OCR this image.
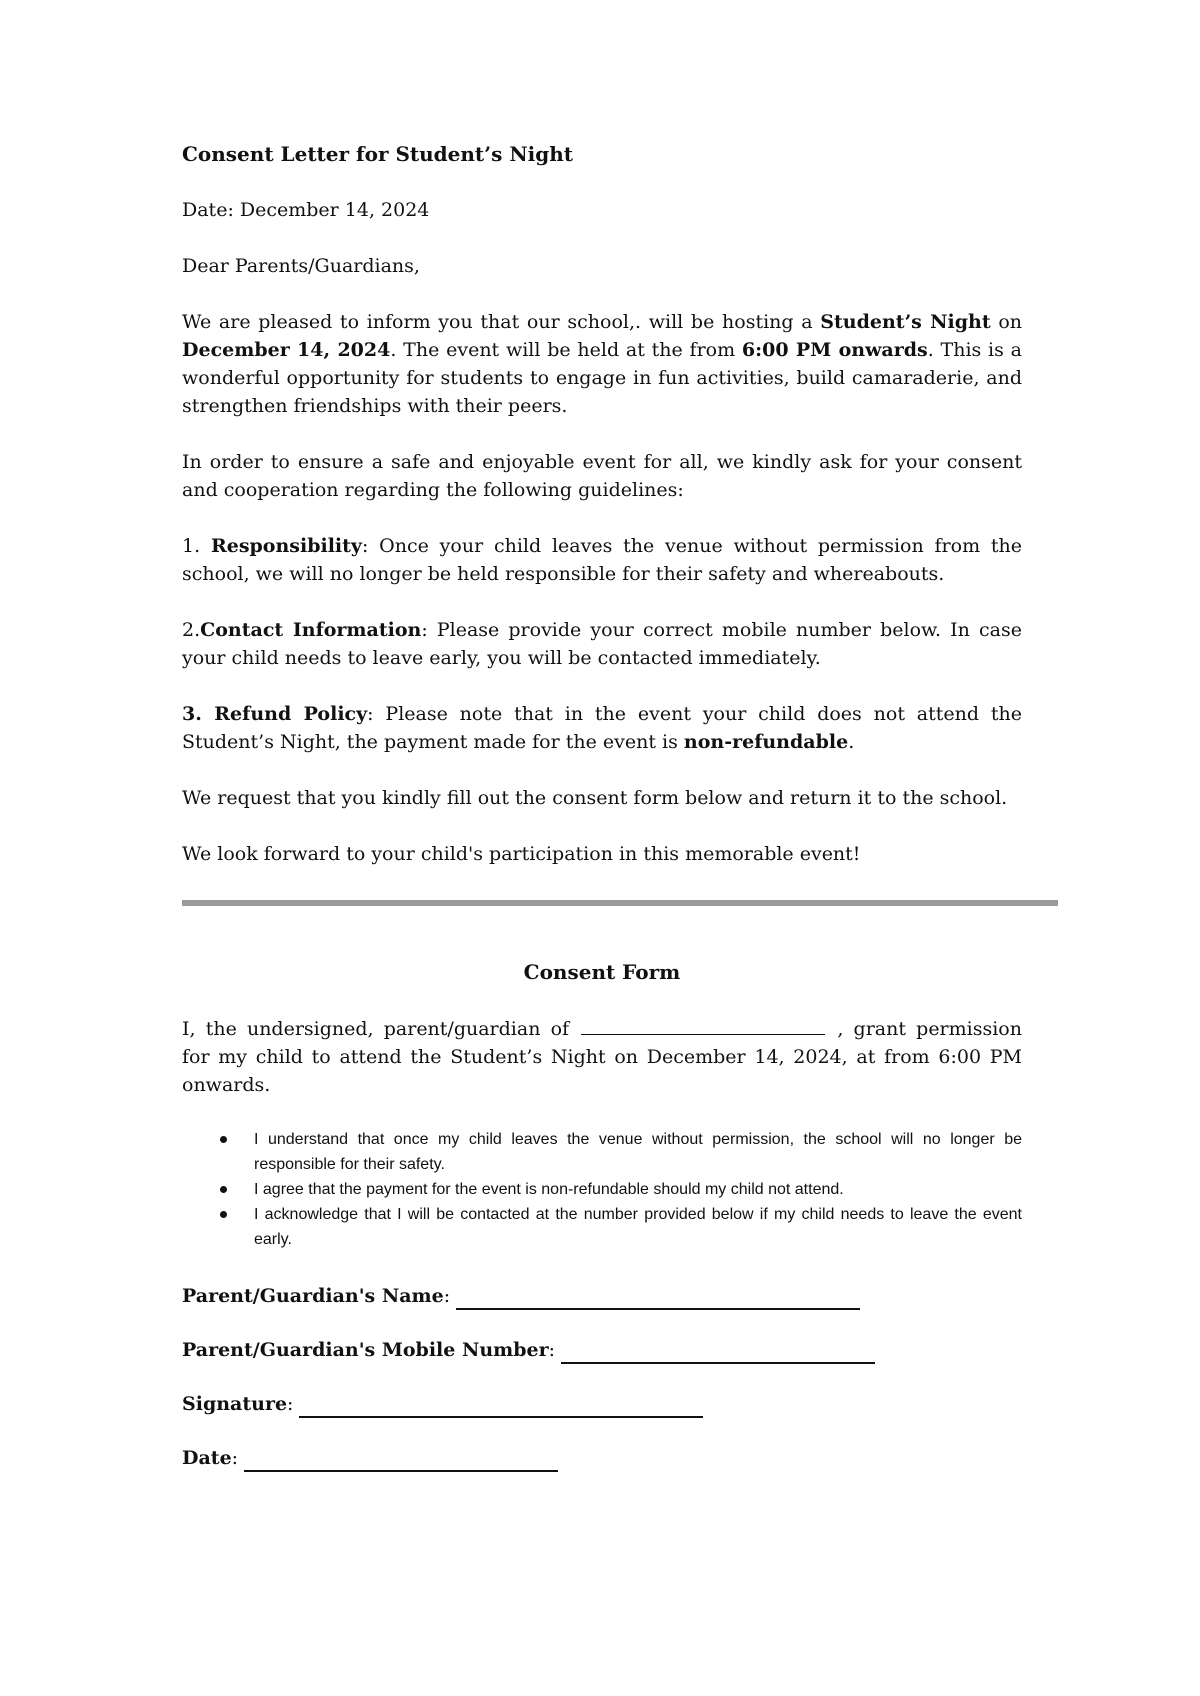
Consent Letter for Student’s Night

Date: December 14, 2024

Dear Parents/Guardians,

We are pleased to inform you that our school,. will be hosting a Student’s Night on December 14, 2024. The event will be held at the from 6:00 PM onwards. This is a wonderful opportunity for students to engage in fun activities, build camaraderie, and strengthen friendships with their peers.

In order to ensure a safe and enjoyable event for all, we kindly ask for your consent and cooperation regarding the following guidelines:

1. Responsibility: Once your child leaves the venue without permission from the school, we will no longer be held responsible for their safety and whereabouts.

2.Contact Information: Please provide your correct mobile number below. In case your child needs to leave early, you will be contacted immediately.

3. Refund Policy: Please note that in the event your child does not attend the Student’s Night, the payment made for the event is non-refundable.

We request that you kindly fill out the consent form below and return it to the school.

We look forward to your child's participation in this memorable event!

Consent Form

I, the undersigned, parent/guardian of	, grant permission for my child to attend the Student’s Night on December 14, 2024, at from 6:00 PM onwards.

I understand that once my child leaves the venue without permission, the school will no longer be responsible for their safety.
I agree that the payment for the event is non-refundable should my child not attend.
I acknowledge that I will be contacted at the number provided below if my child needs to leave the event early.
Parent/Guardian's Name :
Parent/Guardian's Mobile Number :
Signature :
Date :
